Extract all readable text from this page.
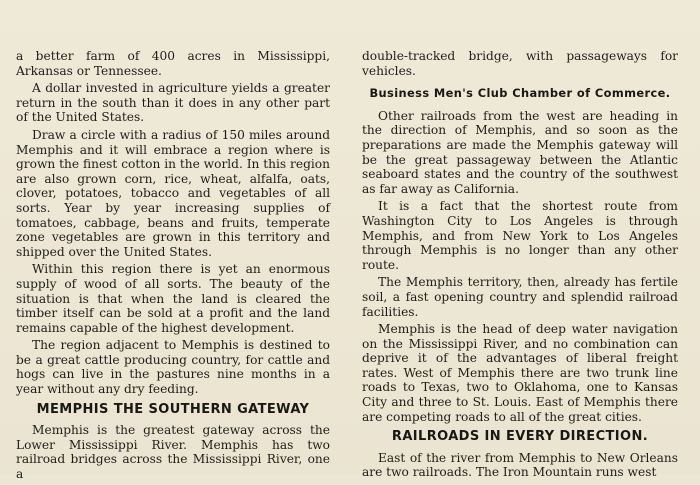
a better farm of 400 acres in Mississippi, Arkansas or Tennessee.

A dollar invested in agriculture yields a greater return in the south than it does in any other part of the United States.

Draw a circle with a radius of 150 miles around Memphis and it will embrace a region where is grown the finest cotton in the world. In this region are also grown corn, rice, wheat, alfalfa, oats, clover, potatoes, tobacco and vegetables of all sorts. Year by year increasing supplies of tomatoes, cabbage, beans and fruits, temperate zone vegetables are grown in this territory and shipped over the United States.

Within this region there is yet an enormous supply of wood of all sorts. The beauty of the situation is that when the land is cleared the timber itself can be sold at a profit and the land remains capable of the highest development.

The region adjacent to Memphis is destined to be a great cattle producing country, for cattle and hogs can live in the pastures nine months in a year without any dry feeding.

MEMPHIS THE SOUTHERN GATEWAY

Memphis is the greatest gateway across the Lower Mississippi River. Memphis has two railroad bridges across the Mississippi River, one a

double-tracked bridge, with passageways for vehicles.

Business Men's Club Chamber of Commerce.

Other railroads from the west are heading in the direction of Memphis, and so soon as the preparations are made the Memphis gateway will be the great passageway between the Atlantic seaboard states and the country of the southwest as far away as California.

It is a fact that the shortest route from Washington City to Los Angeles is through Memphis, and from New York to Los Angeles through Memphis is no longer than any other route.

The Memphis territory, then, already has fertile soil, a fast opening country and splendid railroad facilities.

Memphis is the head of deep water navigation on the Mississippi River, and no combination can deprive it of the advantages of liberal freight rates. West of Memphis there are two trunk line roads to Texas, two to Oklahoma, one to Kansas City and three to St. Louis. East of Memphis there are competing roads to all of the great cities.

RAILROADS IN EVERY DIRECTION.

East of the river from Memphis to New Orleans are two railroads. The Iron Mountain runs west
